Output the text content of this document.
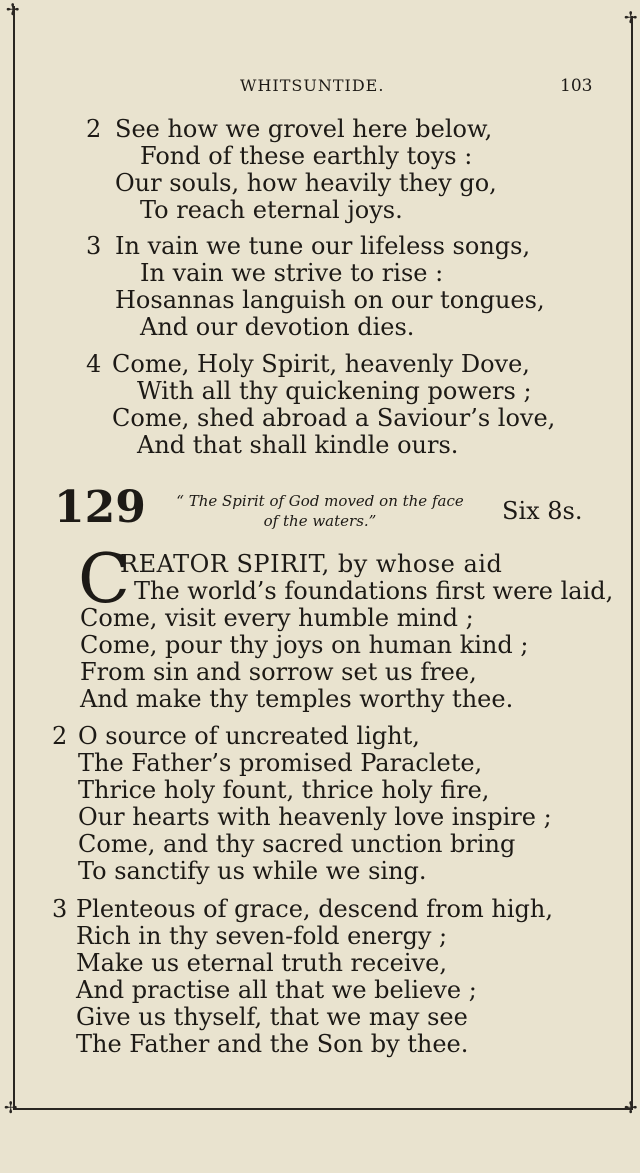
✢	✢
✢	✢
WHITSUNTIDE.	103
2 See how we grovel here below,
Fond of these earthly toys :
Our souls, how heavily they go,
To reach eternal joys.
3 In vain we tune our lifeless songs,
In vain we strive to rise :
Hosannas languish on our tongues,
And our devotion dies.
4 Come, Holy Spirit, heavenly Dove,
With all thy quickening powers ;
Come, shed abroad a Saviour’s love,
And that shall kindle ours.
129	“ The Spirit of God moved on the face
of the waters.”	Six 8s.
C
REATOR SPIRIT, by whose aid
The world’s foundations first were laid,
Come, visit every humble mind ;
Come, pour thy joys on human kind ;
From sin and sorrow set us free,
And make thy temples worthy thee.
2 O source of uncreated light,
The Father’s promised Paraclete,
Thrice holy fount, thrice holy fire,
Our hearts with heavenly love inspire ;
Come, and thy sacred unction bring
To sanctify us while we sing.
3 Plenteous of grace, descend from high,
Rich in thy seven-fold energy ;
Make us eternal truth receive,
And practise all that we believe ;
Give us thyself, that we may see
The Father and the Son by thee.
